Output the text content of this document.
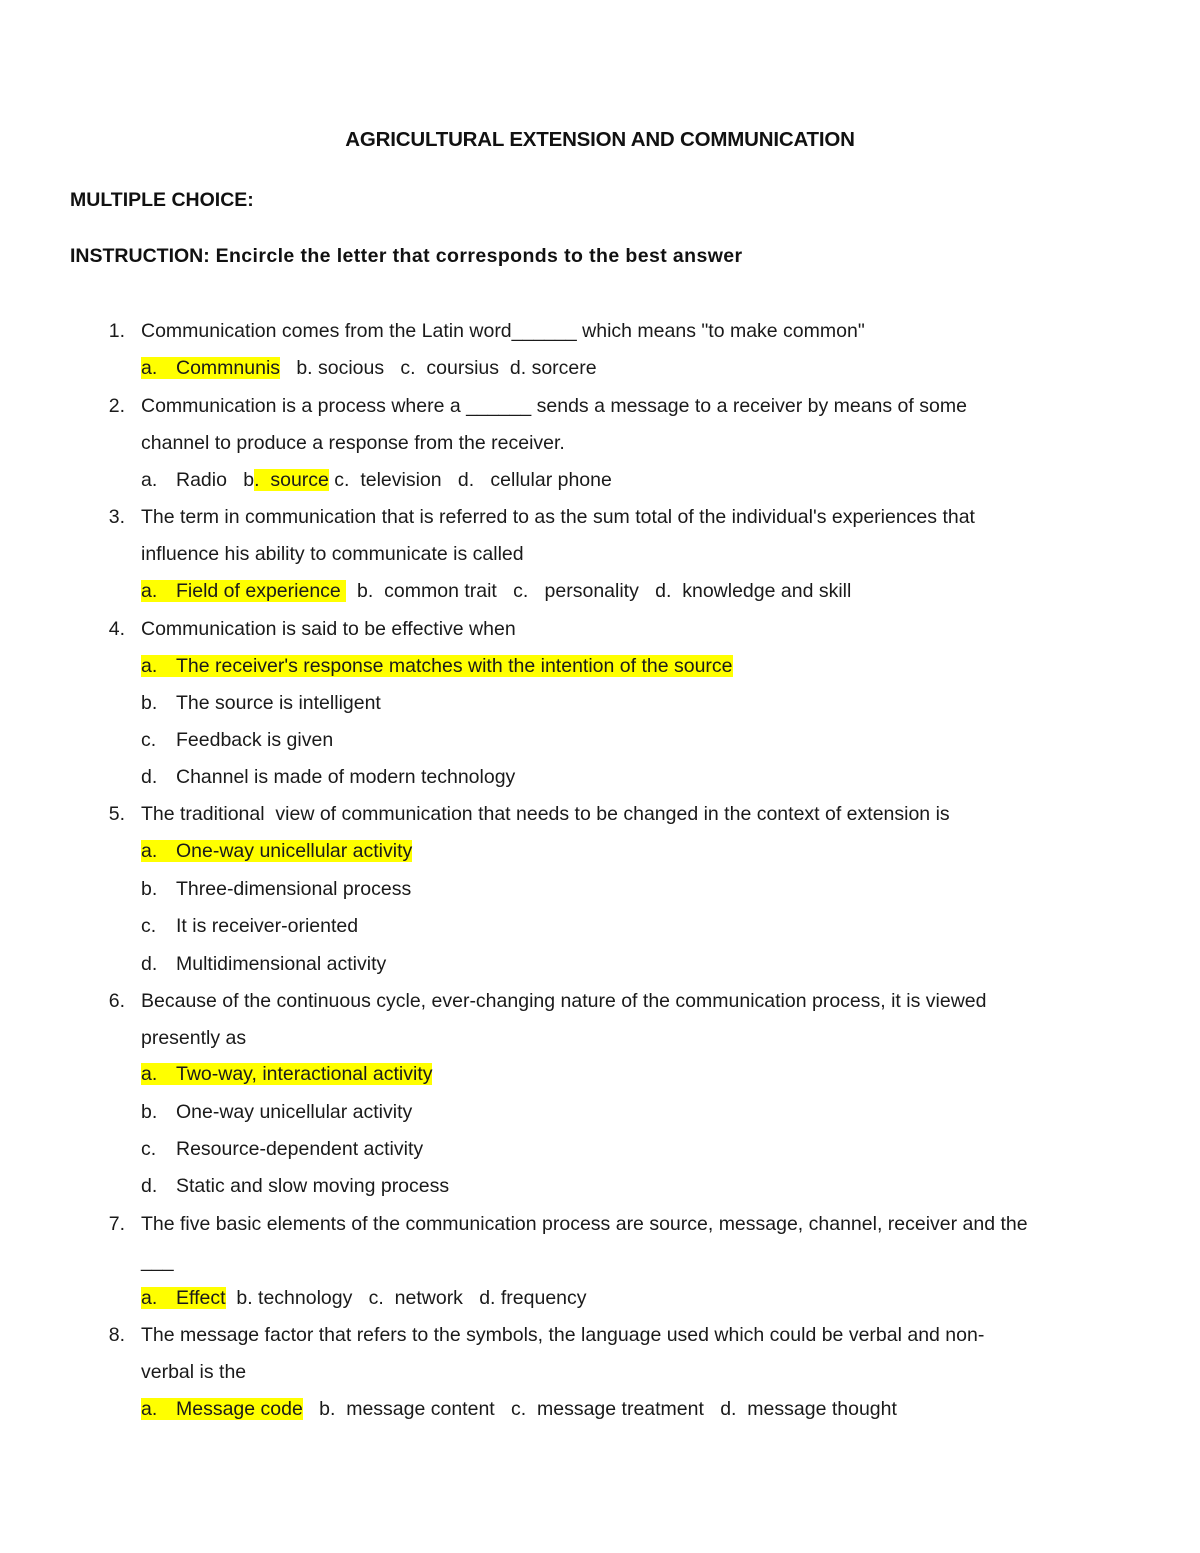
AGRICULTURAL EXTENSION AND COMMUNICATION
MULTIPLE CHOICE:
INSTRUCTION: Encircle the letter that corresponds to the best answer
1. Communication comes from the Latin word______ which means "to make common"
a. Commnunis b. socious c. coursius d. sorcere
2. Communication is a process where a ______ sends a message to a receiver by means of some
channel to produce a response from the receiver.
a. Radio b.  source c. television d. cellular phone
3. The term in communication that is referred to as the sum total of the individual's experiences that
influence his ability to communicate is called
a. Field of experience b. common trait c. personality d. knowledge and skill
4. Communication is said to be effective when
a. The receiver's response matches with the intention of the source
b. The source is intelligent
c. Feedback is given
d. Channel is made of modern technology
5. The traditional  view of communication that needs to be changed in the context of extension is
a. One-way unicellular activity
b. Three-dimensional process
c. It is receiver-oriented
d. Multidimensional activity
6. Because of the continuous cycle, ever-changing nature of the communication process, it is viewed
presently as
a. Two-way, interactional activity
b. One-way unicellular activity
c. Resource-dependent activity
d. Static and slow moving process
7. The five basic elements of the communication process are source, message, channel, receiver and the
___
a. Effect b. technology c. network d. frequency
8. The message factor that refers to the symbols, the language used which could be verbal and non-
verbal is the
a. Message code b. message content c. message treatment d. message thought
